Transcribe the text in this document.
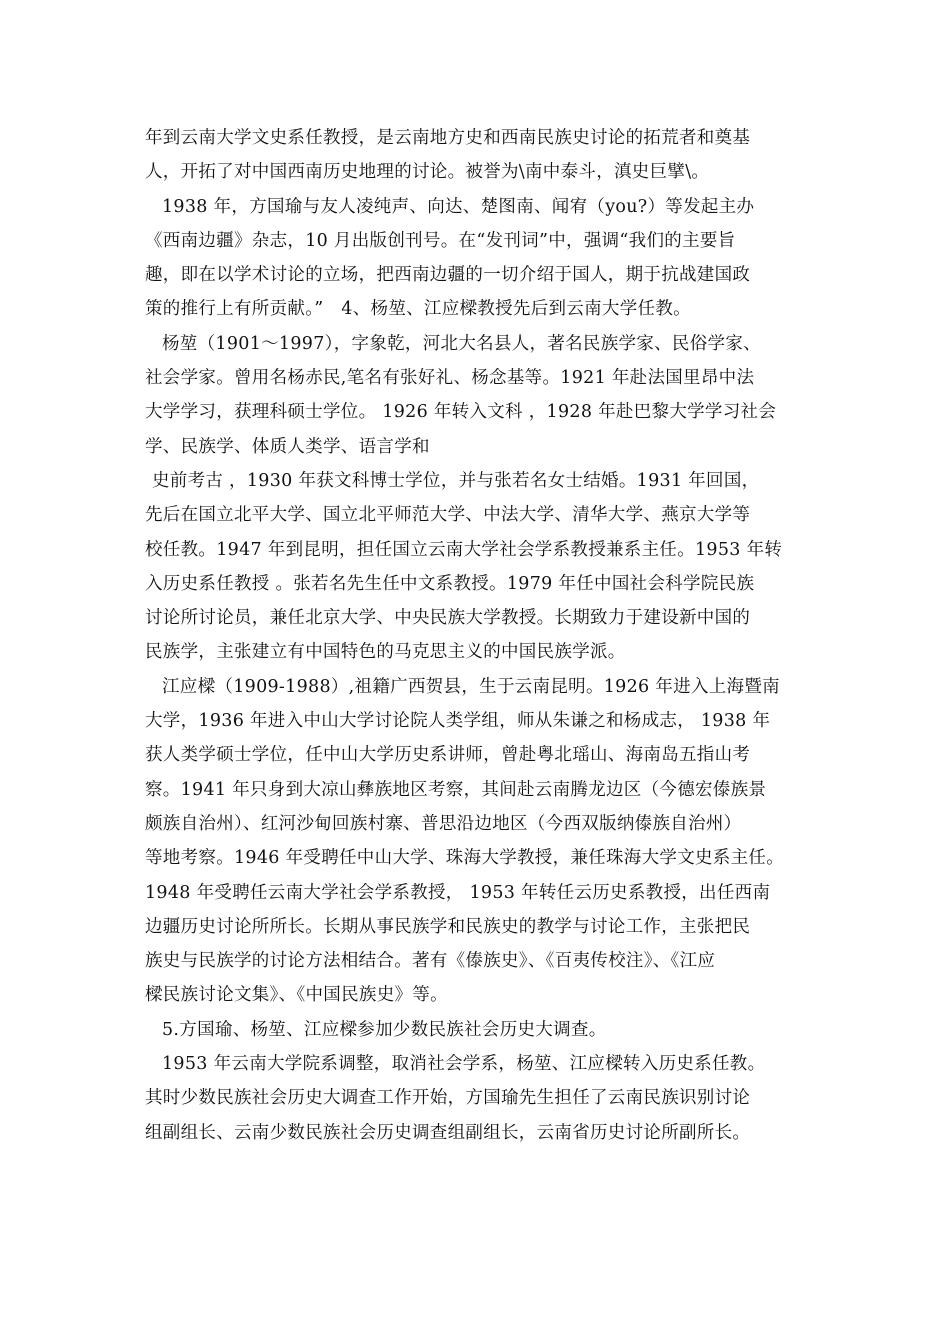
年到云南大学文史系任教授，是云南地方史和西南民族史讨论的拓荒者和奠基
人，开拓了对中国西南历史地理的讨论。被誉为\南中泰斗，滇史巨擘\。
1938 年，方国瑜与友人凌纯声、向达、楚图南、闻宥（you?）等发起主办
《西南边疆》杂志，10 月出版创刊号。在“发刊词”中，强调“我们的主要旨
趣，即在以学术讨论的立场，把西南边疆的一切介绍于国人，期于抗战建国政
策的推行上有所贡献。”　4、杨堃、江应樑教授先后到云南大学任教。
杨堃（1901～1997），字象乾，河北大名县人，著名民族学家、民俗学家、
社会学家。曾用名杨赤民,笔名有张好礼、杨念基等。1921 年赴法国里昂中法
大学学习，获理科硕士学位。 1926 年转入文科 ，1928 年赴巴黎大学学习社会
学、民族学、体质人类学、语言学和
史前考古 ，1930 年获文科博士学位，并与张若名女士结婚。1931 年回国，
先后在国立北平大学、国立北平师范大学、中法大学、清华大学、燕京大学等
校任教。1947 年到昆明，担任国立云南大学社会学系教授兼系主任。1953 年转
入历史系任教授 。张若名先生任中文系教授。1979 年任中国社会科学院民族
讨论所讨论员，兼任北京大学、中央民族大学教授。长期致力于建设新中国的
民族学，主张建立有中国特色的马克思主义的中国民族学派。
江应樑（1909-1988）,祖籍广西贺县，生于云南昆明。1926 年进入上海暨南
大学，1936 年进入中山大学讨论院人类学组，师从朱谦之和杨成志， 1938 年
获人类学硕士学位，任中山大学历史系讲师，曾赴粤北瑶山、海南岛五指山考
察。1941 年只身到大凉山彝族地区考察，其间赴云南腾龙边区（今德宏傣族景
颇族自治州）、红河沙甸回族村寨、普思沿边地区（今西双版纳傣族自治州）
等地考察。1946 年受聘任中山大学、珠海大学教授，兼任珠海大学文史系主任。
1948 年受聘任云南大学社会学系教授， 1953 年转任云历史系教授，出任西南
边疆历史讨论所所长。长期从事民族学和民族史的教学与讨论工作，主张把民
族史与民族学的讨论方法相结合。著有《傣族史》、《百夷传校注》、《江应
樑民族讨论文集》、《中国民族史》等。
5.方国瑜、杨堃、江应樑参加少数民族社会历史大调查。
1953 年云南大学院系调整，取消社会学系，杨堃、江应樑转入历史系任教。
其时少数民族社会历史大调查工作开始，方国瑜先生担任了云南民族识别讨论
组副组长、云南少数民族社会历史调查组副组长，云南省历史讨论所副所长。
